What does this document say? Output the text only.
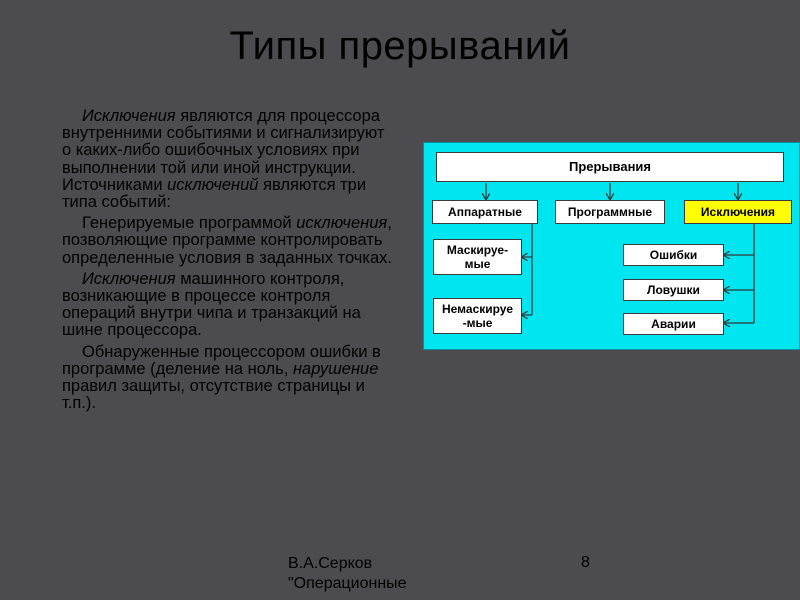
Типы прерываний

Исключения являются для процессора внутренними событиями и сигнализируют о каких-либо ошибочных условиях при выполнении той или иной инструкции. Источниками исключений являются три типа событий:

Генерируемые программой исключения, позволяющие программе контролировать определенные условия в заданных точках.

Исключения машинного контроля, возникающие в процессе контроля операций внутри чипа и транзакций на шине процессора.

Обнаруженные процессором ошибки в программе (деление на ноль, нарушение правил защиты, отсутствие страницы и т.п.).

Прерывания
Аппаратные	Программные	Исключения
Маскируе-
мые
Немаскируе
-мые
Ошибки
Ловушки
Аварии
В.А.Серков
"Операционные
8
